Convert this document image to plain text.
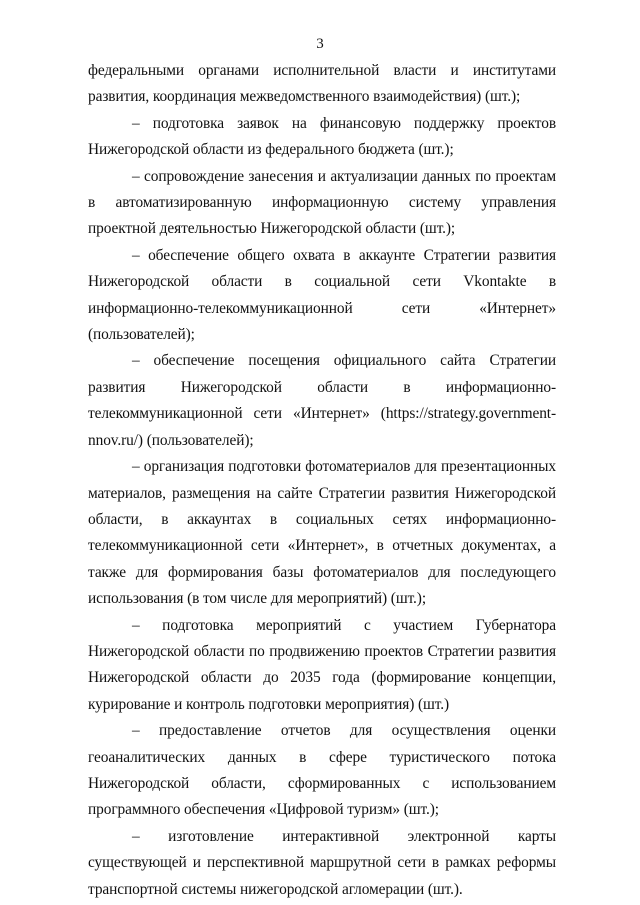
3

федеральными органами исполнительной власти и институтами развития, координация межведомственного взаимодействия) (шт.);

– подготовка заявок на финансовую поддержку проектов Нижегородской области из федерального бюджета (шт.);

– сопровождение занесения и актуализации данных по проектам в автоматизированную информационную систему управления проектной деятельностью Нижегородской области (шт.);

– обеспечение общего охвата в аккаунте Стратегии развития Нижегородской области в социальной сети Vkontakte в информационно-телекоммуникационной сети «Интернет» (пользователей);

– обеспечение посещения официального сайта Стратегии развития Нижегородской области в информационно-телекоммуникационной сети «Интернет» (https://strategy.government-nnov.ru/) (пользователей);

– организация подготовки фотоматериалов для презентационных материалов, размещения на сайте Стратегии развития Нижегородской области, в аккаунтах в социальных сетях информационно-телекоммуникационной сети «Интернет», в отчетных документах, а также для формирования базы фотоматериалов для последующего использования (в том числе для мероприятий) (шт.);

– подготовка мероприятий с участием Губернатора Нижегородской области по продвижению проектов Стратегии развития Нижегородской области до 2035 года (формирование концепции, курирование и контроль подготовки мероприятия) (шт.)

– предоставление отчетов для осуществления оценки геоаналитических данных в сфере туристического потока Нижегородской области, сформированных с использованием программного обеспечения «Цифровой туризм» (шт.);

– изготовление интерактивной электронной карты существующей и перспективной маршрутной сети в рамках реформы транспортной системы нижегородской агломерации (шт.).
